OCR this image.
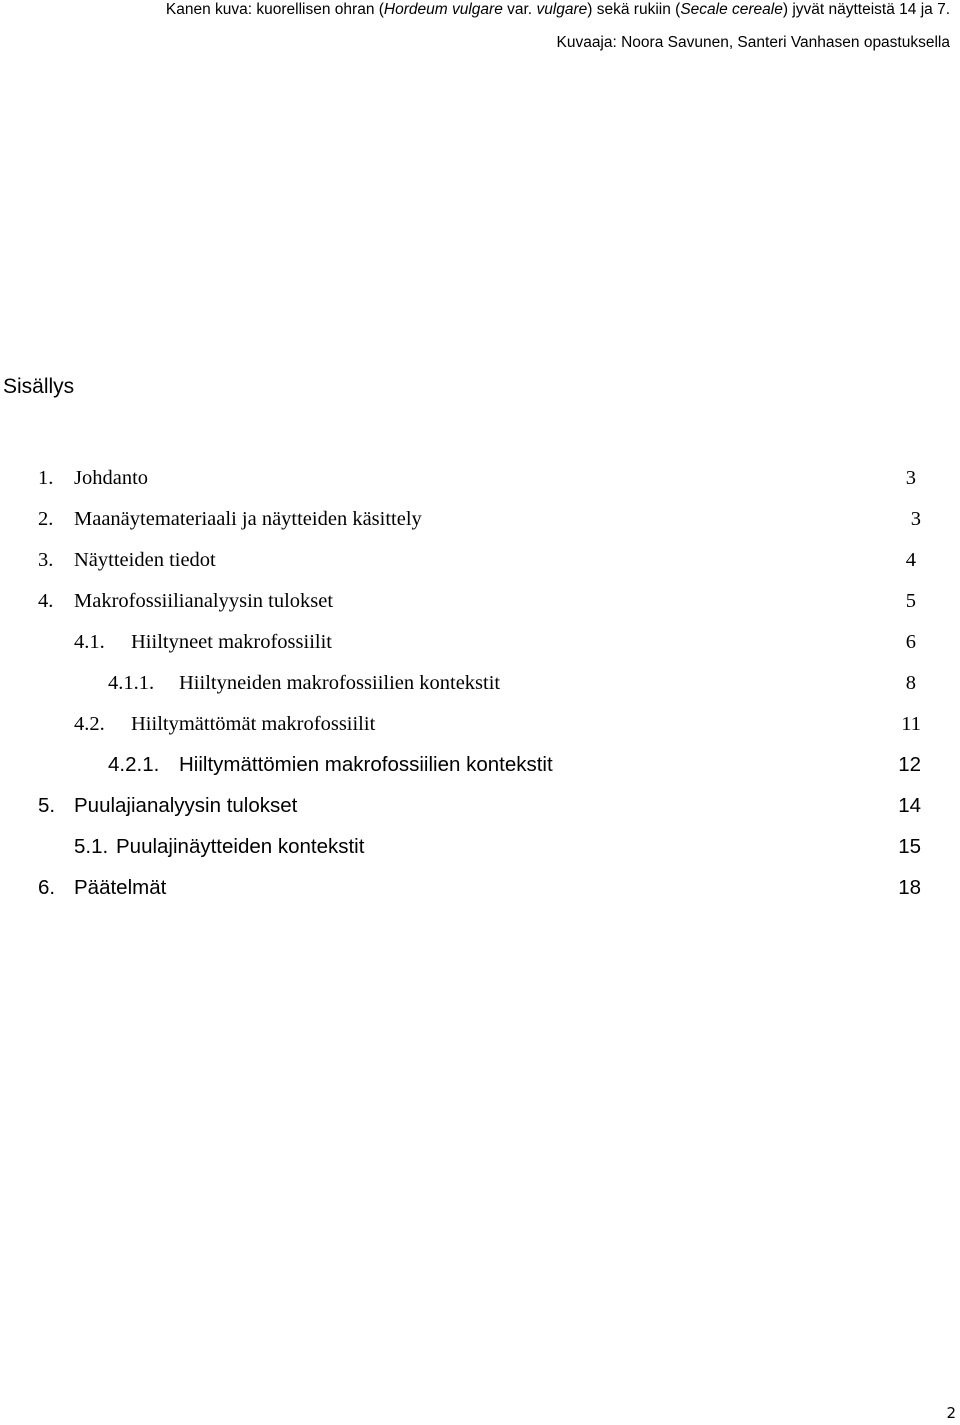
Kanen kuva: kuorellisen ohran (Hordeum vulgare var. vulgare) sekä rukiin (Secale cereale) jyvät näytteistä 14 ja 7.
Kuvaaja: Noora Savunen, Santeri Vanhasen opastuksella
Sisällys
1. Johdanto	3
2. Maanäytemateriaali ja näytteiden käsittely	3
3. Näytteiden tiedot	4
4. Makrofossiilianalyysin tulokset	5
4.1. Hiiltyneet makrofossiilit	6
4.1.1. Hiiltyneiden makrofossiilien kontekstit	8
4.2. Hiiltymättömät makrofossiilit	11
4.2.1. Hiiltymättömien makrofossiilien kontekstit	12
5. Puulajianalyysin tulokset	14
5.1. Puulajinäytteiden kontekstit	15
6. Päätelmät	18
2
